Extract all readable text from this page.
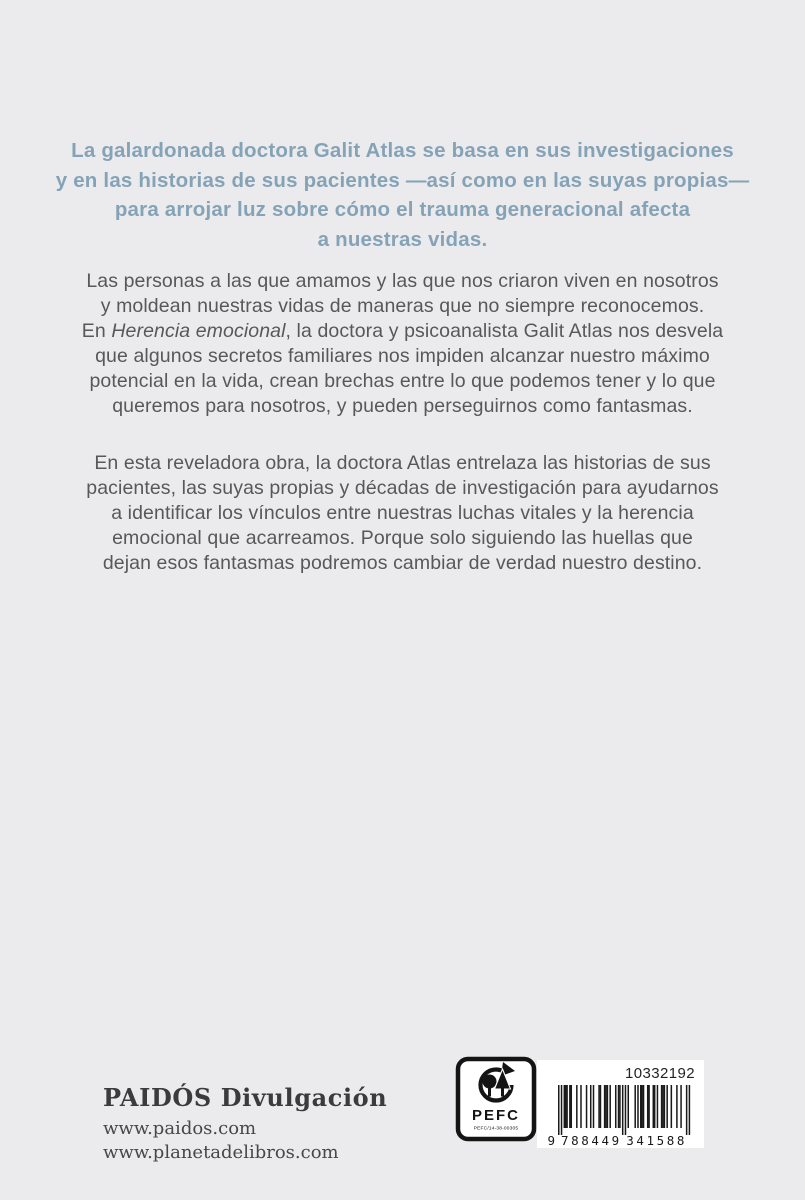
La galardonada doctora Galit Atlas se basa en sus investigaciones
y en las historias de sus pacientes —así como en las suyas propias—
para arrojar luz sobre cómo el trauma generacional afecta
a nuestras vidas.
Las personas a las que amamos y las que nos criaron viven en nosotros
y moldean nuestras vidas de maneras que no siempre reconocemos.
En Herencia emocional, la doctora y psicoanalista Galit Atlas nos desvela
que algunos secretos familiares nos impiden alcanzar nuestro máximo
potencial en la vida, crean brechas entre lo que podemos tener y lo que
queremos para nosotros, y pueden perseguirnos como fantasmas.
En esta reveladora obra, la doctora Atlas entrelaza las historias de sus
pacientes, las suyas propias y décadas de investigación para ayudarnos
a identificar los vínculos entre nuestras luchas vitales y la herencia
emocional que acarreamos. Porque solo siguiendo las huellas que
dejan esos fantasmas podremos cambiar de verdad nuestro destino.
PAIDÓS Divulgación
www.paidos.com
www.planetadelibros.com
PEFC
PEFC/14-38-00305
10332192
9 788449 341588
